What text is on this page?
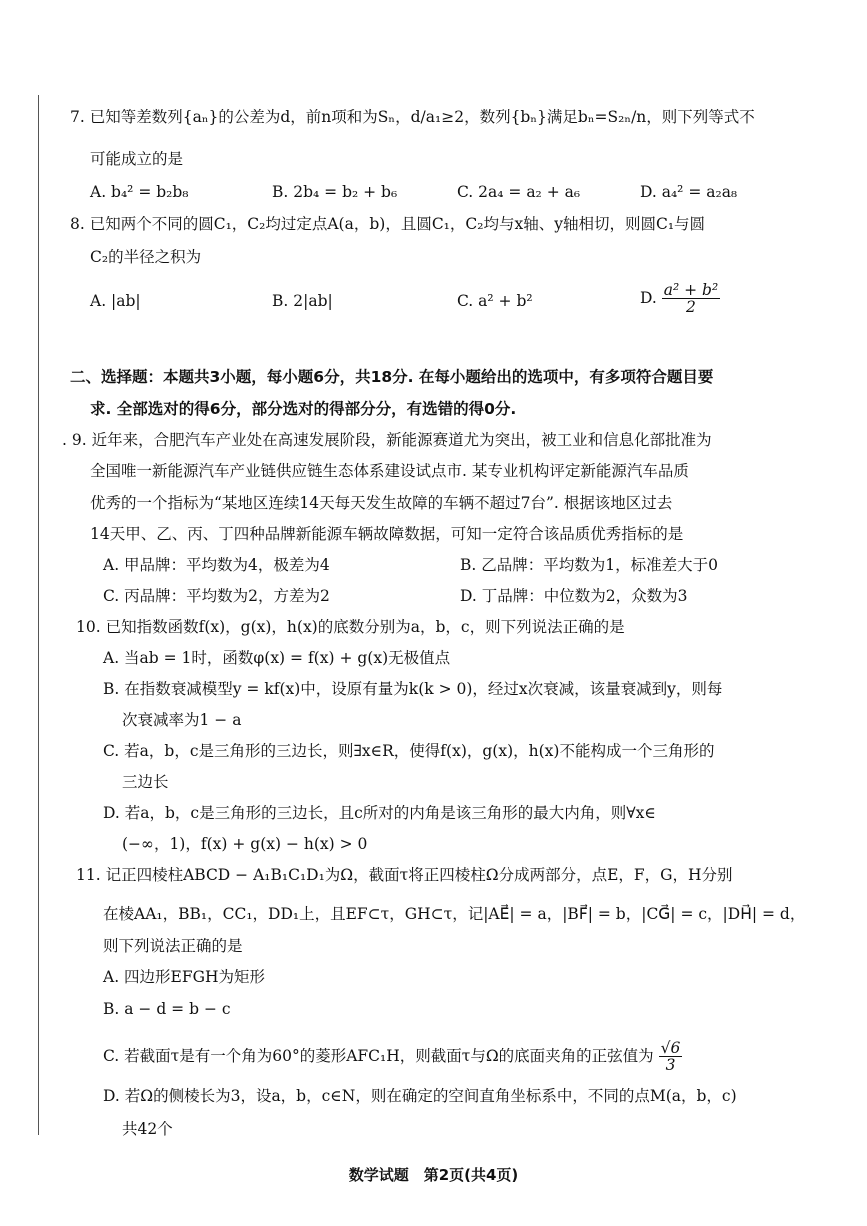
7. 已知等差数列{aₙ}的公差为d，前n项和为Sₙ，d/a₁≥2，数列{bₙ}满足bₙ=S₂ₙ/n，则下列等式不
可能成立的是
A. b₄² = b₂b₈	B. 2b₄ = b₂ + b₆	C. 2a₄ = a₂ + a₆	D. a₄² = a₂a₈
8. 已知两个不同的圆C₁，C₂均过定点A(a，b)，且圆C₁，C₂均与x轴、y轴相切，则圆C₁与圆
C₂的半径之积为
A. |ab|	B. 2|ab|	C. a² + b²	D. $\frac{\text{a² + b²}}{2}$
二、选择题：本题共3小题，每小题6分，共18分. 在每小题给出的选项中，有多项符合题目要
求. 全部选对的得6分，部分选对的得部分分，有选错的得0分.
. 9. 近年来，合肥汽车产业处在高速发展阶段，新能源赛道尤为突出，被工业和信息化部批准为
全国唯一新能源汽车产业链供应链生态体系建设试点市. 某专业机构评定新能源汽车品质
优秀的一个指标为“某地区连续14天每天发生故障的车辆不超过7台”. 根据该地区过去
14天甲、乙、丙、丁四种品牌新能源车辆故障数据，可知一定符合该品质优秀指标的是
A. 甲品牌：平均数为4，极差为4	B. 乙品牌：平均数为1，标准差大于0
C. 丙品牌：平均数为2，方差为2	D. 丁品牌：中位数为2，众数为3
10. 已知指数函数f(x)，g(x)，h(x)的底数分别为a，b，c，则下列说法正确的是
A. 当ab = 1时，函数φ(x) = f(x) + g(x)无极值点
B. 在指数衰减模型y = kf(x)中，设原有量为k(k > 0)，经过x次衰减，该量衰减到y，则每
次衰减率为1 − a
C. 若a，b，c是三角形的三边长，则∃x∈R，使得f(x)，g(x)，h(x)不能构成一个三角形的
三边长
D. 若a，b，c是三角形的三边长，且c所对的内角是该三角形的最大内角，则∀x∈
(−∞，1)，f(x) + g(x) − h(x) > 0
11. 记正四棱柱ABCD − A₁B₁C₁D₁为Ω，截面τ将正四棱柱Ω分成两部分，点E，F，G，H分别
在棱AA₁，BB₁，CC₁，DD₁上，且EF⊂τ，GH⊂τ，记|AE⃗| = a，|BF⃗| = b，|CG⃗| = c，|DH⃗| = d，
则下列说法正确的是
A. 四边形EFGH为矩形
B. a − d = b − c
C. 若截面τ是有一个角为60°的菱形AFC₁H，则截面τ与Ω的底面夹角的正弦值为 $\frac{√6}{3}$
D. 若Ω的侧棱长为3，设a，b，c∈N，则在确定的空间直角坐标系中，不同的点M(a，b，c)
共42个
数学试题　第2页(共4页)
